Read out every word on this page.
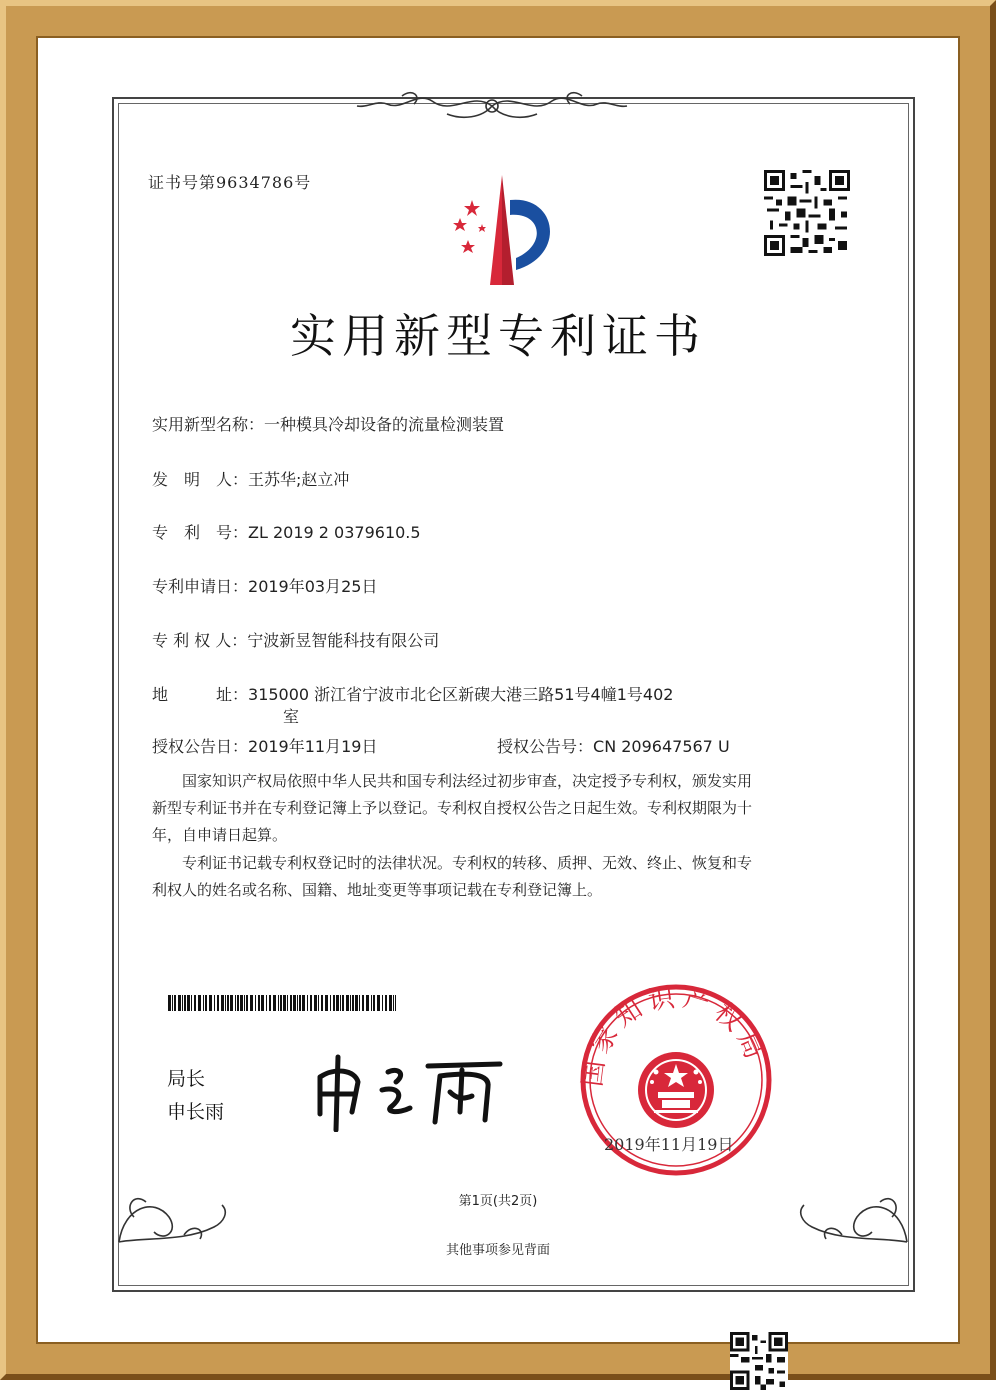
证书号第9634786号
实用新型专利证书
实用新型名称：一种模具冷却设备的流量检测装置
发　明　人：王苏华;赵立冲
专　利　号：ZL 2019 2 0379610.5
专利申请日：2019年03月25日
专 利 权 人：宁波新昱智能科技有限公司
地　　　址：315000 浙江省宁波市北仑区新碶大港三路51号4幢1号402
室
授权公告日：2019年11月19日	授权公告号：CN 209647567 U
国家知识产权局依照中华人民共和国专利法经过初步审查，决定授予专利权，颁发实用
新型专利证书并在专利登记簿上予以登记。专利权自授权公告之日起生效。专利权期限为十
年，自申请日起算。
专利证书记载专利权登记时的法律状况。专利权的转移、质押、无效、终止、恢复和专
利权人的姓名或名称、国籍、地址变更等事项记载在专利登记簿上。
局长
申长雨
国家知识产权局
2019年11月19日
第1页(共2页)
其他事项参见背面
